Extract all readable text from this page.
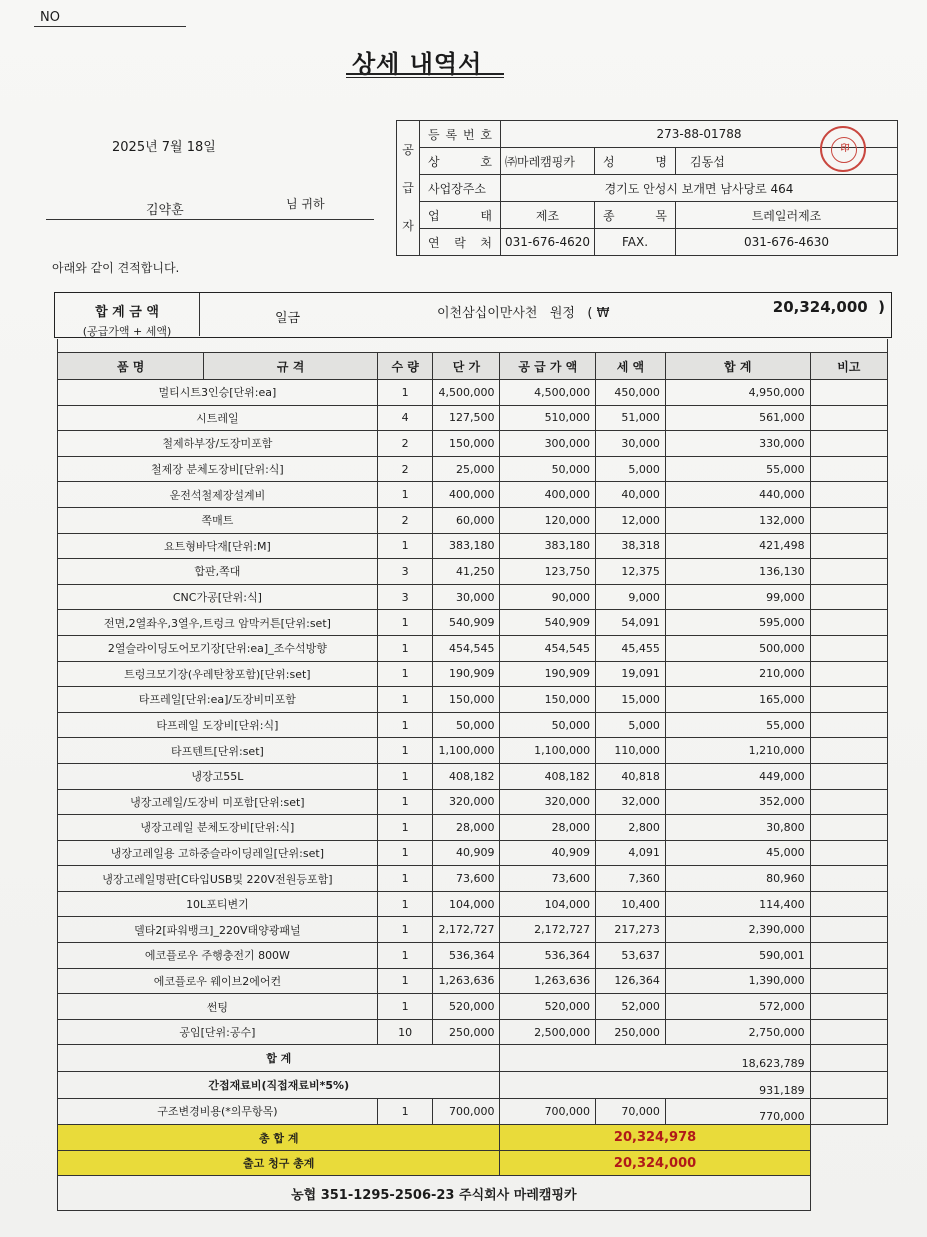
NO
상세 내역서
2025년 7월 18일
김약훈	님 귀하
아래와 같이 견적합니다.
공
급
자	등 록 번 호	273-88-01788		
	상 호	㈜마레캠핑카	성 명	김동섭
	사업장주소	경기도 안성시 보개면 남사당로 464		
	업 태	제조	종 목	트레일러제조
	연 락 처	031-676-4620	FAX.	031-676-4630
印
합 계 금 액
(공급가액 + 세액)
일금	이천삼십이만사천   원정   ( ₩	20,324,000  )
품 명	규 격	수 량	단 가	공 급 가 액	세 액	합 계	비고
멀티시트3인승[단위:ea]		1	4,500,000	4,500,000	450,000	4,950,000	
시트레일		4	127,500	510,000	51,000	561,000	
철제하부장/도장미포함		2	150,000	300,000	30,000	330,000	
철제장 분체도장비[단위:식]		2	25,000	50,000	5,000	55,000	
운전석철제장설계비		1	400,000	400,000	40,000	440,000	
쪽매트		2	60,000	120,000	12,000	132,000	
요트형바닥재[단위:M]		1	383,180	383,180	38,318	421,498	
합판,쪽대		3	41,250	123,750	12,375	136,130	
CNC가공[단위:식]		3	30,000	90,000	9,000	99,000	
전면,2열좌우,3열우,트렁크 암막커튼[단위:set]		1	540,909	540,909	54,091	595,000	
2열슬라이딩도어모기장[단위:ea]_조수석방향		1	454,545	454,545	45,455	500,000	
트렁크모기장(우레탄창포함)[단위:set]		1	190,909	190,909	19,091	210,000	
타프레일[단위:ea]/도장비미포함		1	150,000	150,000	15,000	165,000	
타프레일 도장비[단위:식]		1	50,000	50,000	5,000	55,000	
타프텐트[단위:set]		1	1,100,000	1,100,000	110,000	1,210,000	
냉장고55L		1	408,182	408,182	40,818	449,000	
냉장고레일/도장비 미포함[단위:set]		1	320,000	320,000	32,000	352,000	
냉장고레일 분체도장비[단위:식]		1	28,000	28,000	2,800	30,800	
냉장고레일용 고하중슬라이딩레일[단위:set]		1	40,909	40,909	4,091	45,000	
냉장고레일명판[C타입USB및 220V전원등포함]		1	73,600	73,600	7,360	80,960	
10L포티변기		1	104,000	104,000	10,400	114,400	
델타2[파워뱅크]_220V태양광패널		1	2,172,727	2,172,727	217,273	2,390,000	
에코플로우 주행충전기 800W		1	536,364	536,364	53,637	590,001	
에코플로우 웨이브2에어컨		1	1,263,636	1,263,636	126,364	1,390,000	
썬팅		1	520,000	520,000	52,000	572,000	
공임[단위:공수]		10	250,000	2,500,000	250,000	2,750,000	
합 계				18,623,789			
간접재료비(직접재료비*5%)				931,189			
구조변경비용(*의무항목)		1	700,000	700,000	70,000	770,000	
총 합 계				20,324,978			
출고 청구 총계				20,324,000			
농협 351-1295-2506-23 주식회사 마레캠핑카							
